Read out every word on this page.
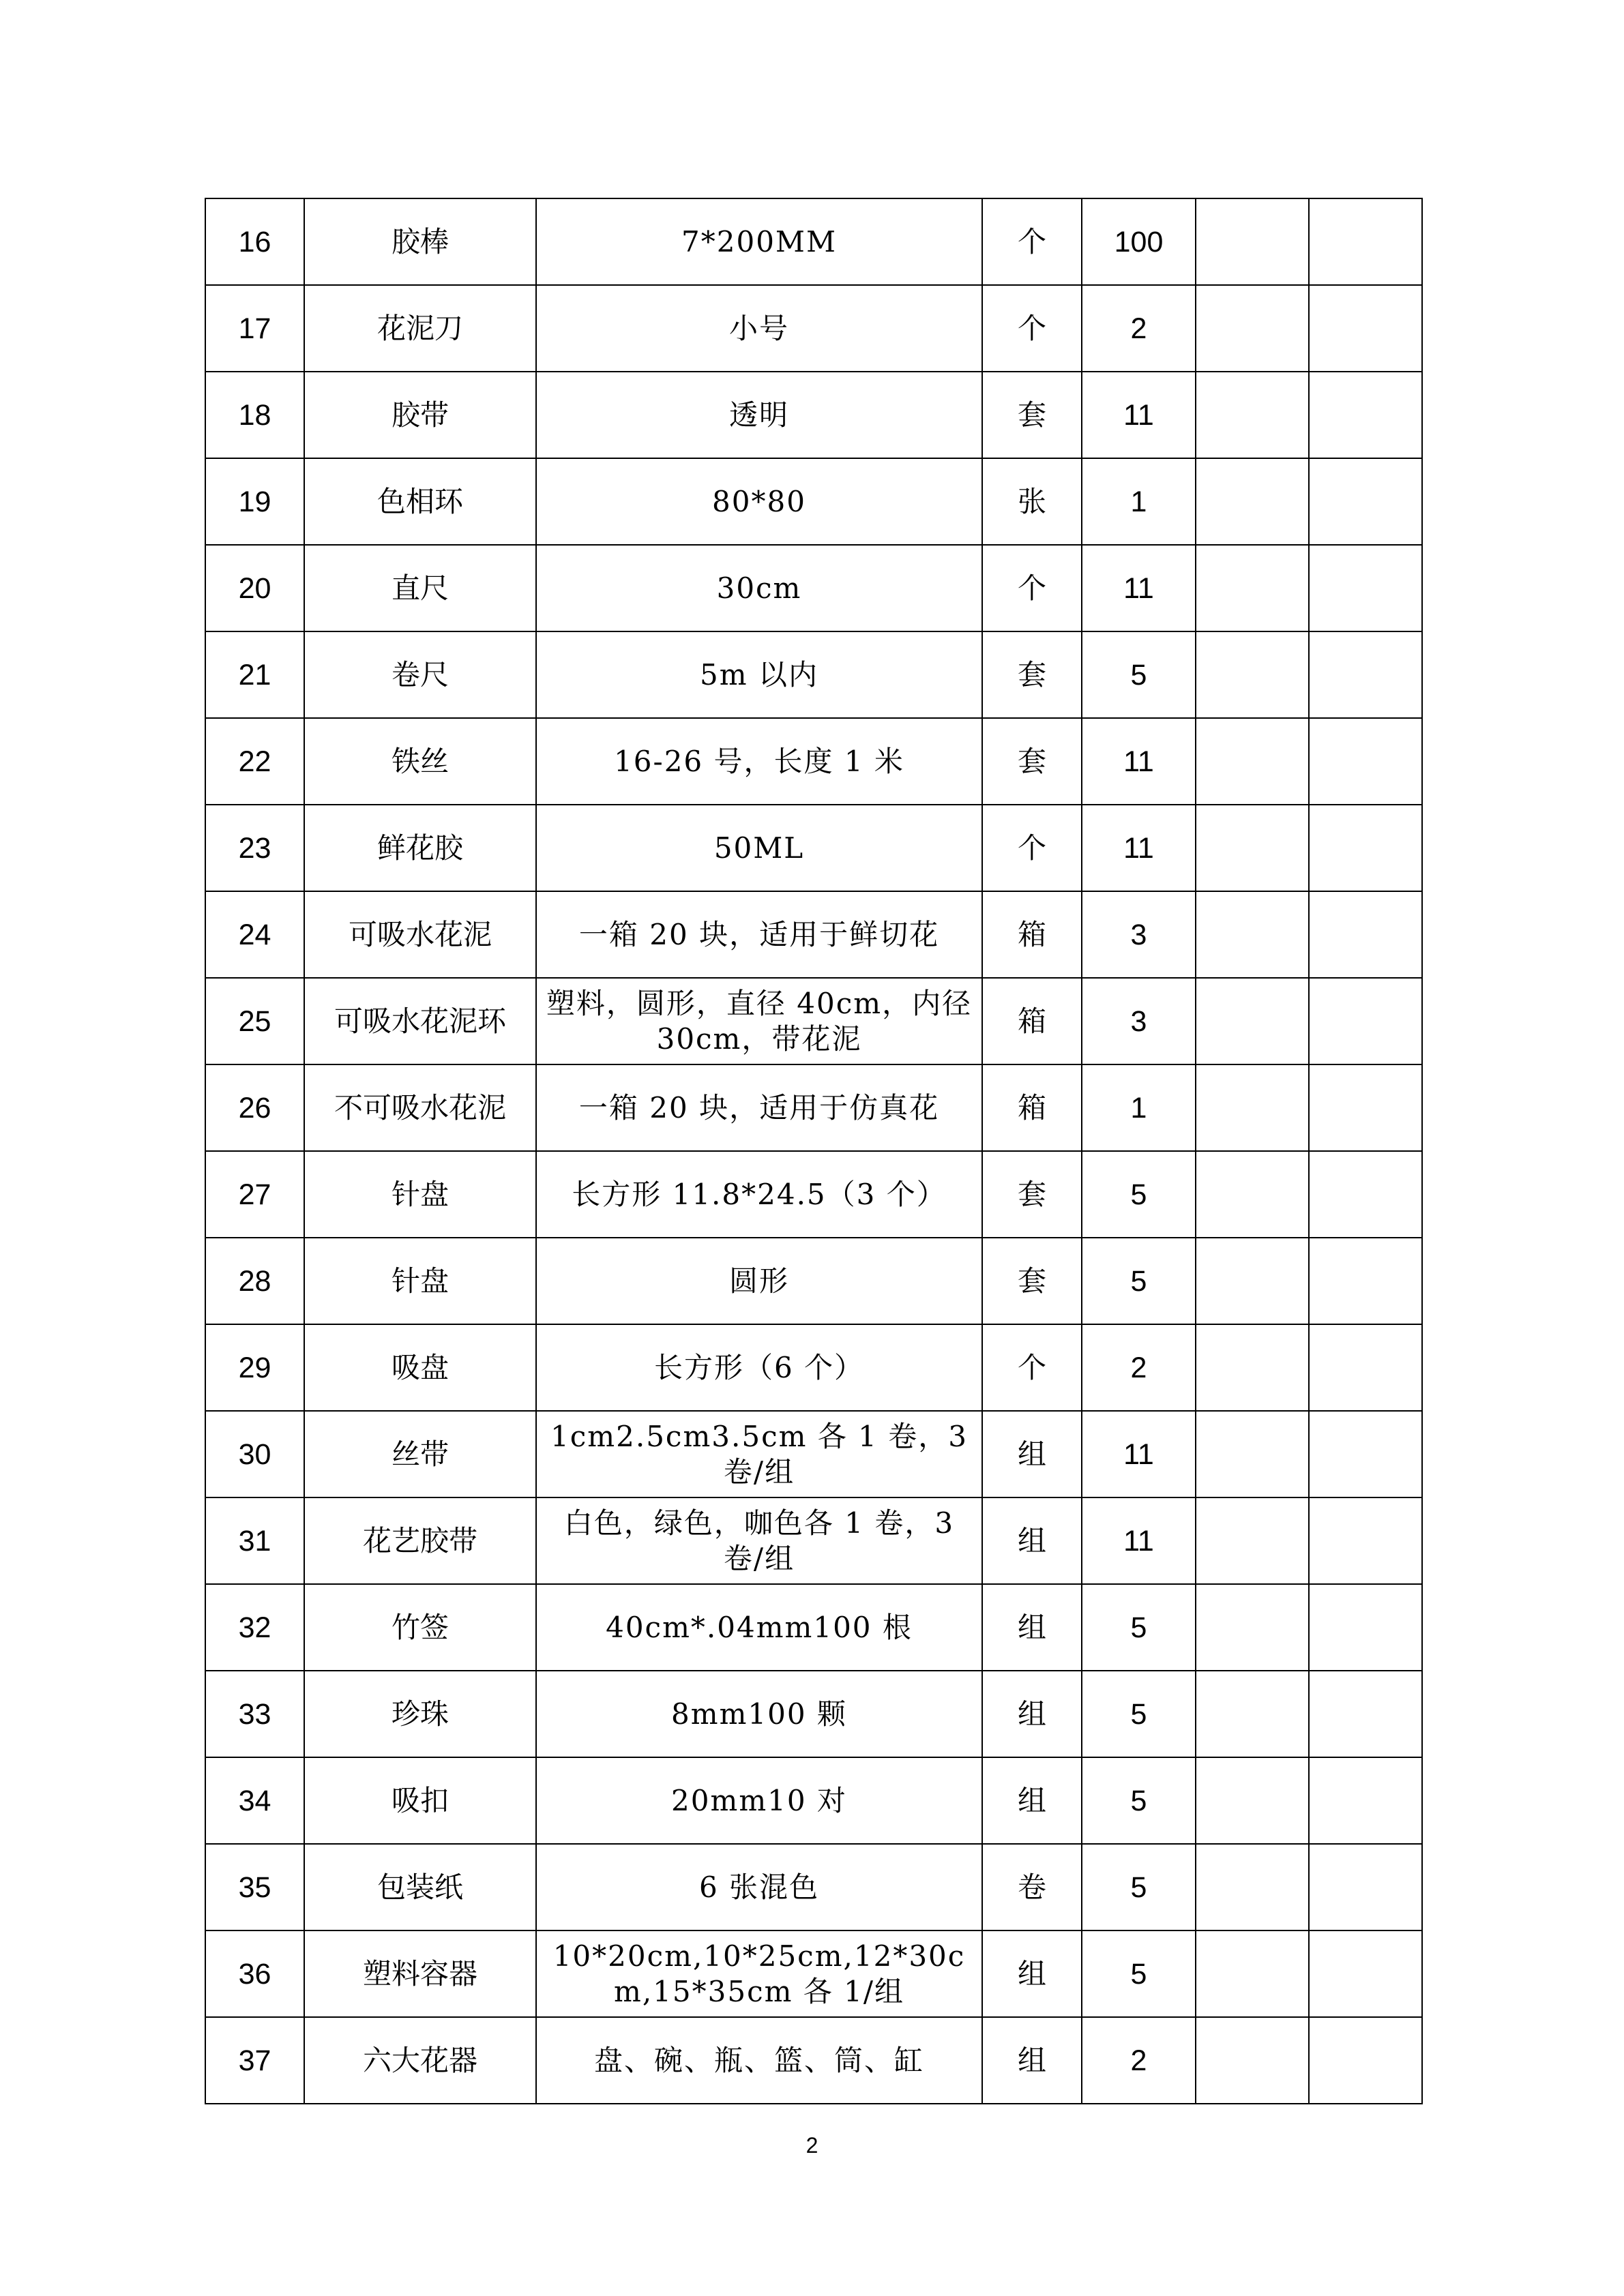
16	胶棒	7*200MM	个	100		
17	花泥刀	小号	个	2		
18	胶带	透明	套	11		
19	色相环	80*80	张	1		
20	直尺	30cm	个	11		
21	卷尺	5m 以内	套	5		
22	铁丝	16-26 号，长度 1 米	套	11		
23	鲜花胶	50ML	个	11		
24	可吸水花泥	一箱 20 块，适用于鲜切花	箱	3		
25	可吸水花泥环	塑料，圆形，直径 40cm，内径 30cm，带花泥	箱	3		
26	不可吸水花泥	一箱 20 块，适用于仿真花	箱	1		
27	针盘	长方形 11.8*24.5（3 个）	套	5		
28	针盘	圆形	套	5		
29	吸盘	长方形（6 个）	个	2		
30	丝带	1cm2.5cm3.5cm 各 1 卷，3 卷/组	组	11		
31	花艺胶带	白色，绿色，咖色各 1 卷，3 卷/组	组	11		
32	竹签	40cm*.04mm100 根	组	5		
33	珍珠	8mm100 颗	组	5		
34	吸扣	20mm10 对	组	5		
35	包装纸	6 张混色	卷	5		
36	塑料容器	10*20cm,10*25cm,12*30cm,15*35cm 各 1/组	组	5		
37	六大花器	盘、碗、瓶、篮、筒、缸	组	2		
2
